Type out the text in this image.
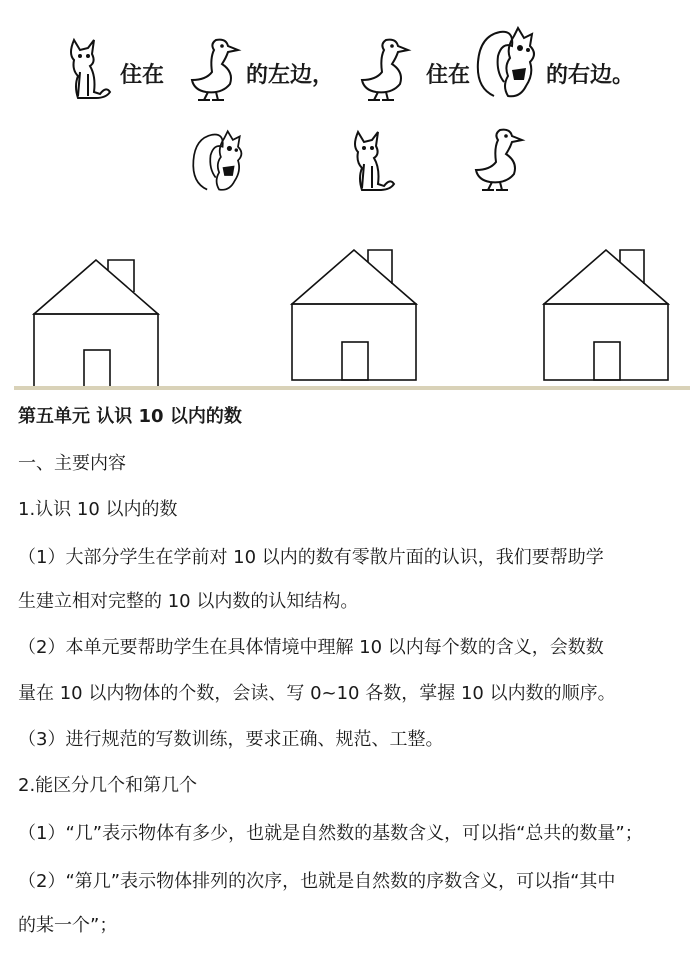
住在	的左边，	住在	的右边。
第五单元 认识 10 以内的数
一、主要内容
1.认识 10 以内的数
（1）大部分学生在学前对 10 以内的数有零散片面的认识，我们要帮助学
生建立相对完整的 10 以内数的认知结构。
（2）本单元要帮助学生在具体情境中理解 10 以内每个数的含义，会数数
量在 10 以内物体的个数，会读、写 0~10 各数，掌握 10 以内数的顺序。
（3）进行规范的写数训练，要求正确、规范、工整。
2.能区分几个和第几个
（1）“几”表示物体有多少，也就是自然数的基数含义，可以指“总共的数量”；
（2）“第几”表示物体排列的次序，也就是自然数的序数含义，可以指“其中
的某一个”；
